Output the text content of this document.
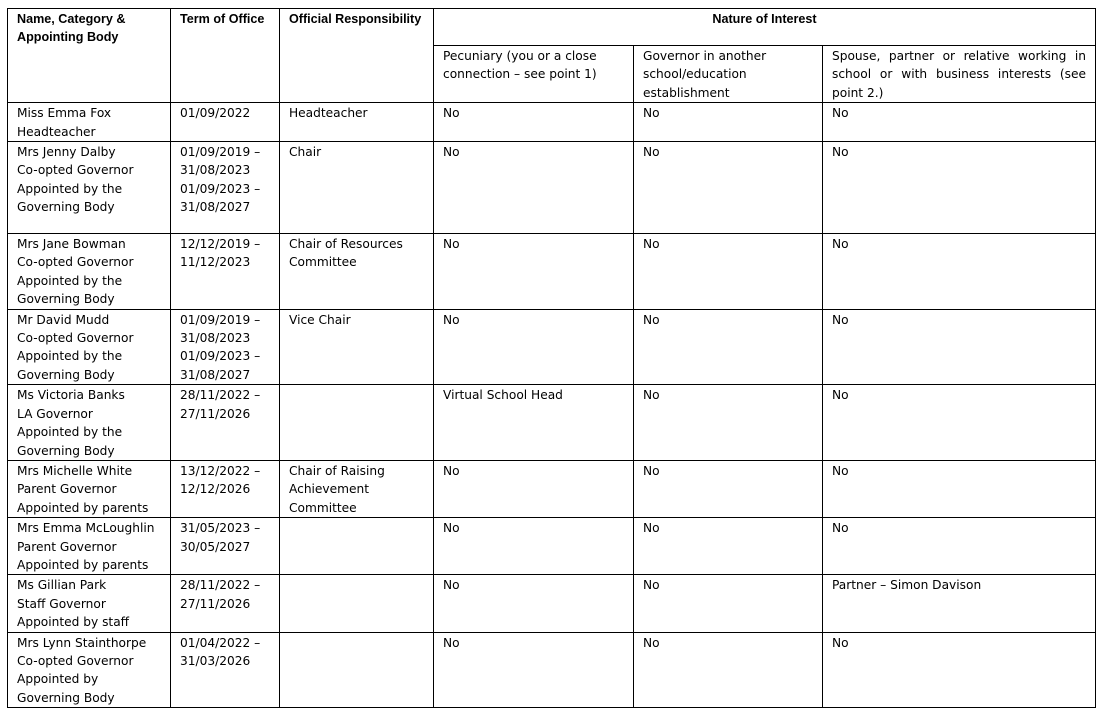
Name, Category & Appointing Body	Term of Office	Official Responsibility	Nature of Interest		
			Pecuniary (you or a close connection – see point 1)	Governor in another school/education establishment	Spouse, partner or relative working in school or with business interests (see point 2.)

Miss Emma Fox
Headteacher	01/09/2022	Headteacher	No	No	No

Mrs Jenny Dalby
Co-opted Governor
Appointed by the
Governing Body	01/09/2019 –
31/08/2023
01/09/2023 –
31/08/2027	Chair	No	No	No

Mrs Jane Bowman
Co-opted Governor
Appointed by the
Governing Body	12/12/2019 –
11/12/2023	Chair of Resources
Committee	No	No	No

Mr David Mudd
Co-opted Governor
Appointed by the
Governing Body	01/09/2019 –
31/08/2023
01/09/2023 –
31/08/2027	Vice Chair	No	No	No

Ms Victoria Banks
LA Governor
Appointed by the
Governing Body	28/11/2022 –
27/11/2026		Virtual School Head	No	No

Mrs Michelle White
Parent Governor
Appointed by parents	13/12/2022 –
12/12/2026	Chair of Raising
Achievement
Committee	No	No	No

Mrs Emma McLoughlin
Parent Governor
Appointed by parents	31/05/2023 –
30/05/2027		No	No	No

Ms Gillian Park
Staff Governor
Appointed by staff	28/11/2022 –
27/11/2026		No	No	Partner – Simon Davison

Mrs Lynn Stainthorpe
Co-opted Governor
Appointed by
Governing Body	01/04/2022 –
31/03/2026		No	No	No
